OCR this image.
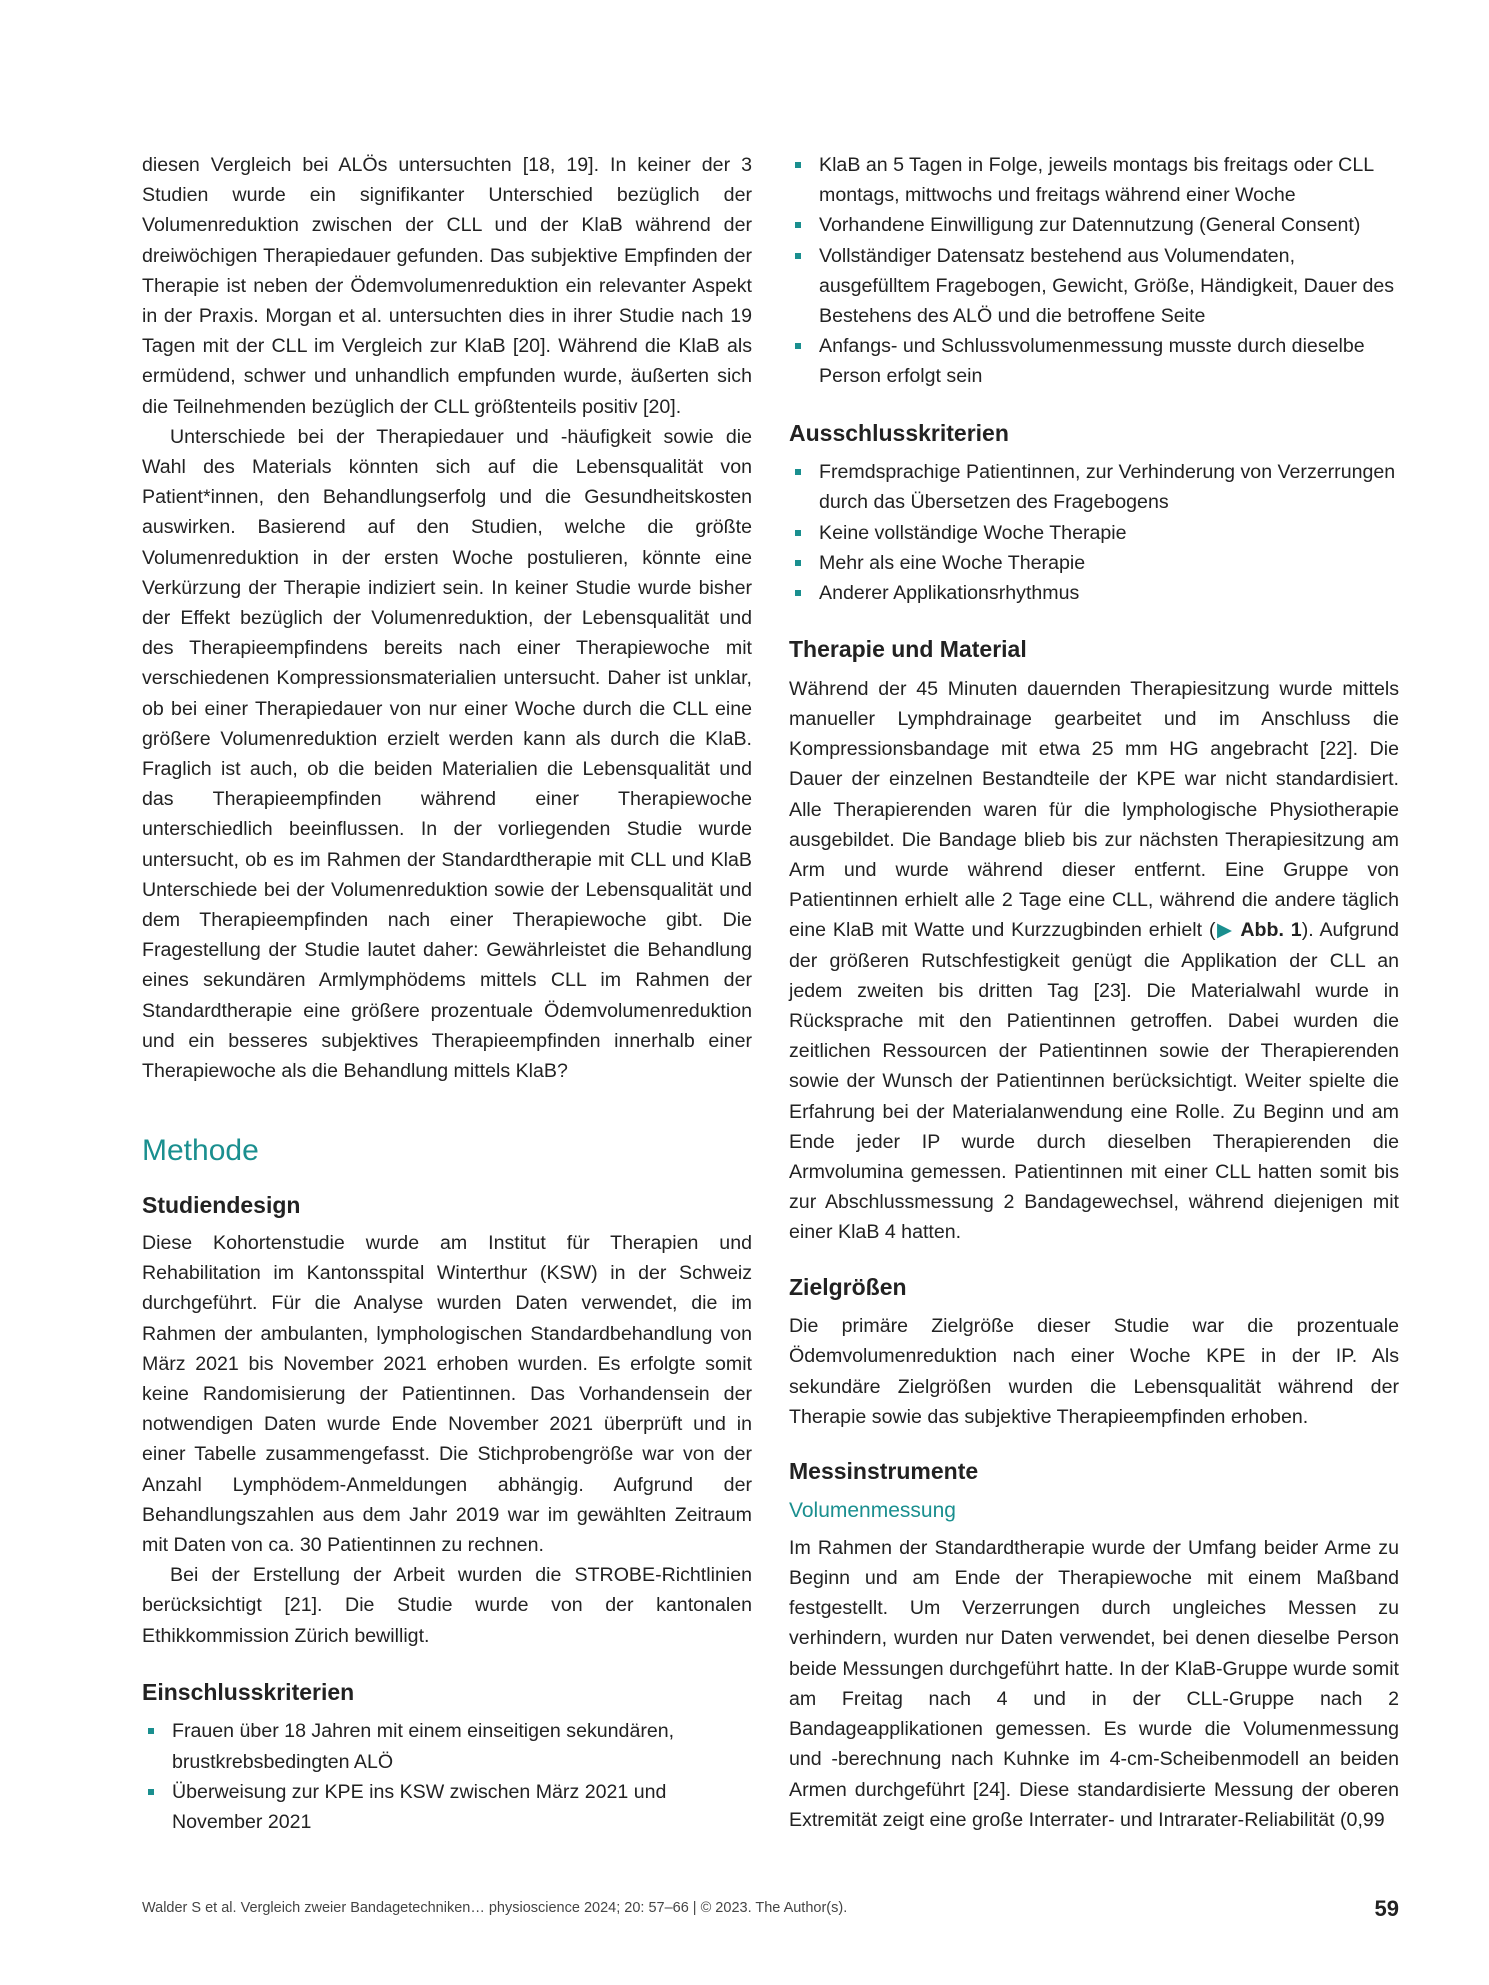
diesen Vergleich bei ALÖs untersuchten [18, 19]. In keiner der 3 Studien wurde ein signifikanter Unterschied bezüglich der Volumenreduktion zwischen der CLL und der KlaB während der dreiwöchigen Therapiedauer gefunden. Das subjektive Empfinden der Therapie ist neben der Ödemvolumenreduktion ein relevanter Aspekt in der Praxis. Morgan et al. untersuchten dies in ihrer Studie nach 19 Tagen mit der CLL im Vergleich zur KlaB [20]. Während die KlaB als ermüdend, schwer und unhandlich empfunden wurde, äußerten sich die Teilnehmenden bezüglich der CLL größtenteils positiv [20].

Unterschiede bei der Therapiedauer und -häufigkeit sowie die Wahl des Materials könnten sich auf die Lebensqualität von Patient*innen, den Behandlungserfolg und die Gesundheitskosten auswirken. Basierend auf den Studien, welche die größte Volumenreduktion in der ersten Woche postulieren, könnte eine Verkürzung der Therapie indiziert sein. In keiner Studie wurde bisher der Effekt bezüglich der Volumenreduktion, der Lebensqualität und des Therapieempfindens bereits nach einer Therapiewoche mit verschiedenen Kompressionsmaterialien untersucht. Daher ist unklar, ob bei einer Therapiedauer von nur einer Woche durch die CLL eine größere Volumenreduktion erzielt werden kann als durch die KlaB. Fraglich ist auch, ob die beiden Materialien die Lebensqualität und das Therapieempfinden während einer Therapiewoche unterschiedlich beeinflussen. In der vorliegenden Studie wurde untersucht, ob es im Rahmen der Standardtherapie mit CLL und KlaB Unterschiede bei der Volumenreduktion sowie der Lebensqualität und dem Therapieempfinden nach einer Therapiewoche gibt. Die Fragestellung der Studie lautet daher: Gewährleistet die Behandlung eines sekundären Armlymphödems mittels CLL im Rahmen der Standardtherapie eine größere prozentuale Ödemvolumenreduktion und ein besseres subjektives Therapieempfinden innerhalb einer Therapiewoche als die Behandlung mittels KlaB?

Methode
Studiendesign

Diese Kohortenstudie wurde am Institut für Therapien und Rehabilitation im Kantonsspital Winterthur (KSW) in der Schweiz durchgeführt. Für die Analyse wurden Daten verwendet, die im Rahmen der ambulanten, lymphologischen Standardbehandlung von März 2021 bis November 2021 erhoben wurden. Es erfolgte somit keine Randomisierung der Patientinnen. Das Vorhandensein der notwendigen Daten wurde Ende November 2021 überprüft und in einer Tabelle zusammengefasst. Die Stichprobengröße war von der Anzahl Lymphödem-Anmeldungen abhängig. Aufgrund der Behandlungszahlen aus dem Jahr 2019 war im gewählten Zeitraum mit Daten von ca. 30 Patientinnen zu rechnen.

Bei der Erstellung der Arbeit wurden die STROBE-Richtlinien berücksichtigt [21]. Die Studie wurde von der kantonalen Ethikkommission Zürich bewilligt.

Einschlusskriterien
Frauen über 18 Jahren mit einem einseitigen sekundären, brustkrebsbedingten ALÖ
Überweisung zur KPE ins KSW zwischen März 2021 und November 2021
KlaB an 5 Tagen in Folge, jeweils montags bis freitags oder CLL montags, mittwochs und freitags während einer Woche
Vorhandene Einwilligung zur Datennutzung (General Consent)
Vollständiger Datensatz bestehend aus Volumendaten, ausgefülltem Fragebogen, Gewicht, Größe, Händigkeit, Dauer des Bestehens des ALÖ und die betroffene Seite
Anfangs- und Schlussvolumenmessung musste durch dieselbe Person erfolgt sein
Ausschlusskriterien
Fremdsprachige Patientinnen, zur Verhinderung von Verzerrungen durch das Übersetzen des Fragebogens
Keine vollständige Woche Therapie
Mehr als eine Woche Therapie
Anderer Applikationsrhythmus
Therapie und Material

Während der 45 Minuten dauernden Therapiesitzung wurde mittels manueller Lymphdrainage gearbeitet und im Anschluss die Kompressionsbandage mit etwa 25 mm HG angebracht [22]. Die Dauer der einzelnen Bestandteile der KPE war nicht standardisiert. Alle Therapierenden waren für die lymphologische Physiotherapie ausgebildet. Die Bandage blieb bis zur nächsten Therapiesitzung am Arm und wurde während dieser entfernt. Eine Gruppe von Patientinnen erhielt alle 2 Tage eine CLL, während die andere täglich eine KlaB mit Watte und Kurzzugbinden erhielt (▶ Abb. 1). Aufgrund der größeren Rutschfestigkeit genügt die Applikation der CLL an jedem zweiten bis dritten Tag [23]. Die Materialwahl wurde in Rücksprache mit den Patientinnen getroffen. Dabei wurden die zeitlichen Ressourcen der Patientinnen sowie der Therapierenden sowie der Wunsch der Patientinnen berücksichtigt. Weiter spielte die Erfahrung bei der Materialanwendung eine Rolle. Zu Beginn und am Ende jeder IP wurde durch dieselben Therapierenden die Armvolumina gemessen. Patientinnen mit einer CLL hatten somit bis zur Abschlussmessung 2 Bandagewechsel, während diejenigen mit einer KlaB 4 hatten.

Zielgrößen

Die primäre Zielgröße dieser Studie war die prozentuale Ödemvolumenreduktion nach einer Woche KPE in der IP. Als sekundäre Zielgrößen wurden die Lebensqualität während der Therapie sowie das subjektive Therapieempfinden erhoben.

Messinstrumente
Volumenmessung

Im Rahmen der Standardtherapie wurde der Umfang beider Arme zu Beginn und am Ende der Therapiewoche mit einem Maßband festgestellt. Um Verzerrungen durch ungleiches Messen zu verhindern, wurden nur Daten verwendet, bei denen dieselbe Person beide Messungen durchgeführt hatte. In der KlaB-Gruppe wurde somit am Freitag nach 4 und in der CLL-Gruppe nach 2 Bandageapplikationen gemessen. Es wurde die Volumenmessung und -berechnung nach Kuhnke im 4-cm-Scheibenmodell an beiden Armen durchgeführt [24]. Diese standardisierte Messung der oberen Extremität zeigt eine große Interrater- und Intrarater-Reliabilität (0,99

Walder S et al. Vergleich zweier Bandagetechniken… physioscience 2024; 20: 57–66 | © 2023. The Author(s).	59
